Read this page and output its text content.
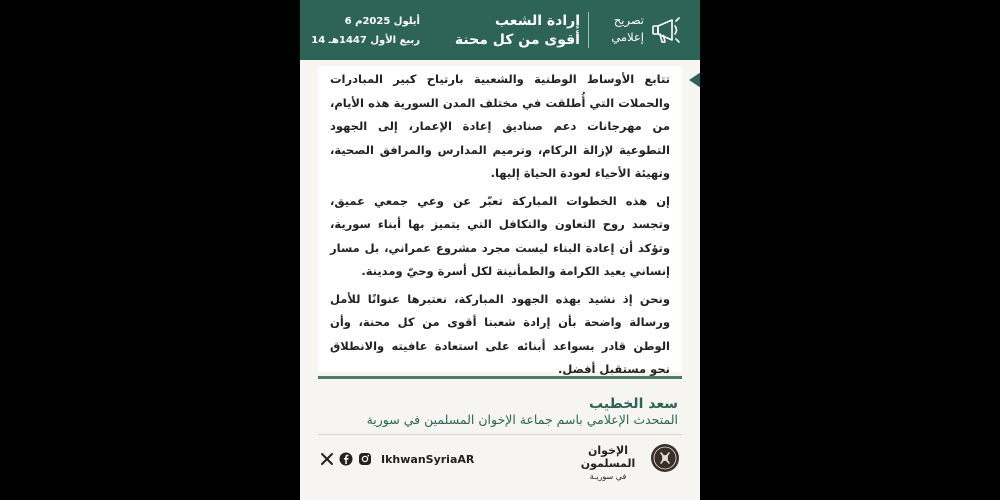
6 أيلول 2025م
14 ربيع الأول 1447هـ
إرادة الشعب
أقوى من كل محنة
تصريح
إعلامي

تتابع الأوساط الوطنية والشعبية بارتياح كبير المبادرات والحملات التي أُطلقت في مختلف المدن السورية هذه الأيام، من مهرجانات دعم صناديق إعادة الإعمار، إلى الجهود التطوعية لإزالة الركام، وترميم المدارس والمرافق الصحية، وتهيئة الأحياء لعودة الحياة إليها.

إن هذه الخطوات المباركة تعبّر عن وعي جمعي عميق، وتجسد روح التعاون والتكافل التي يتميز بها أبناء سورية، وتؤكد أن إعادة البناء ليست مجرد مشروع عمراني، بل مسار إنساني يعيد الكرامة والطمأنينة لكل أسرة وحيّ ومدينة.

ونحن إذ نشيد بهذه الجهود المباركة، نعتبرها عنوانًا للأمل ورسالة واضحة بأن إرادة شعبنا أقوى من كل محنة، وأن الوطن قادر بسواعد أبنائه على استعادة عافيته والانطلاق نحو مستقبل أفضل.

سعد الخطيب
المتحدث الإعلامي باسم جماعة الإخوان المسلمين في سورية
IkhwanSyriaAR
الإخوان المسلمون
في سوريـة
